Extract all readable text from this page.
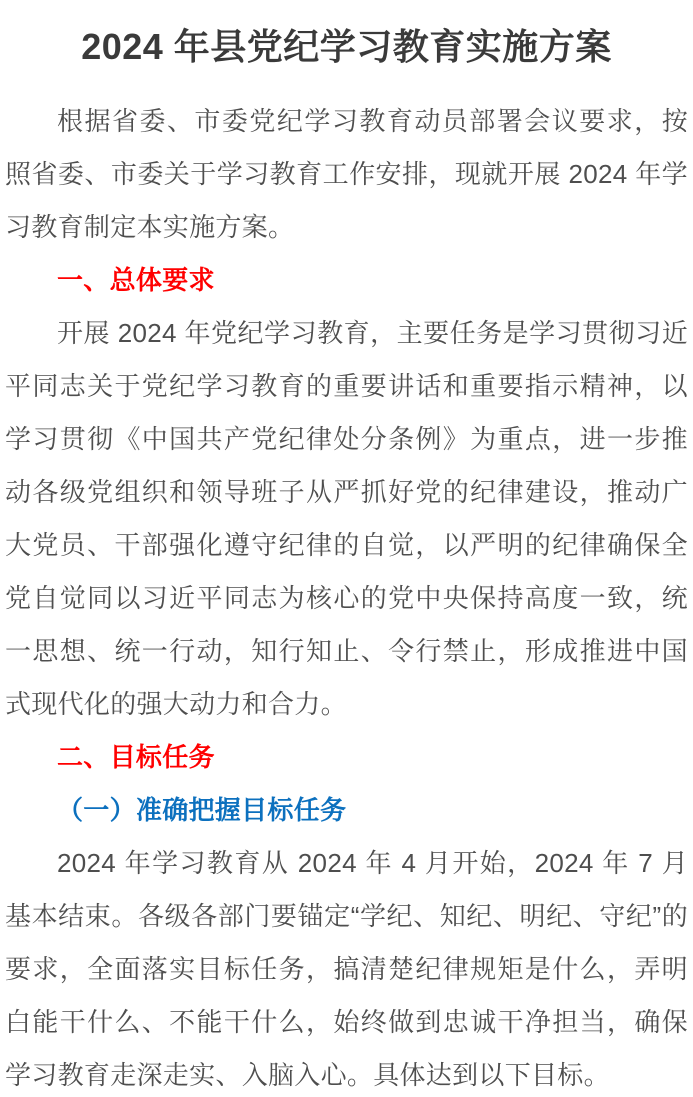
2024 年县党纪学习教育实施方案

根据省委、市委党纪学习教育动员部署会议要求，按照省委、市委关于学习教育工作安排，现就开展 2024 年学习教育制定本实施方案。

一、总体要求

开展 2024 年党纪学习教育，主要任务是学习贯彻习近平同志关于党纪学习教育的重要讲话和重要指示精神，以学习贯彻《中国共产党纪律处分条例》为重点，进一步推动各级党组织和领导班子从严抓好党的纪律建设，推动广大党员、干部强化遵守纪律的自觉，以严明的纪律确保全党自觉同以习近平同志为核心的党中央保持高度一致，统一思想、统一行动，知行知止、令行禁止，形成推进中国式现代化的强大动力和合力。

二、目标任务
（一）准确把握目标任务

2024 年学习教育从 2024 年 4 月开始，2024 年 7 月基本结束。各级各部门要锚定“学纪、知纪、明纪、守纪”的要求，全面落实目标任务，搞清楚纪律规矩是什么，弄明白能干什么、不能干什么，始终做到忠诚干净担当，确保学习教育走深走实、入脑入心。具体达到以下目标。
